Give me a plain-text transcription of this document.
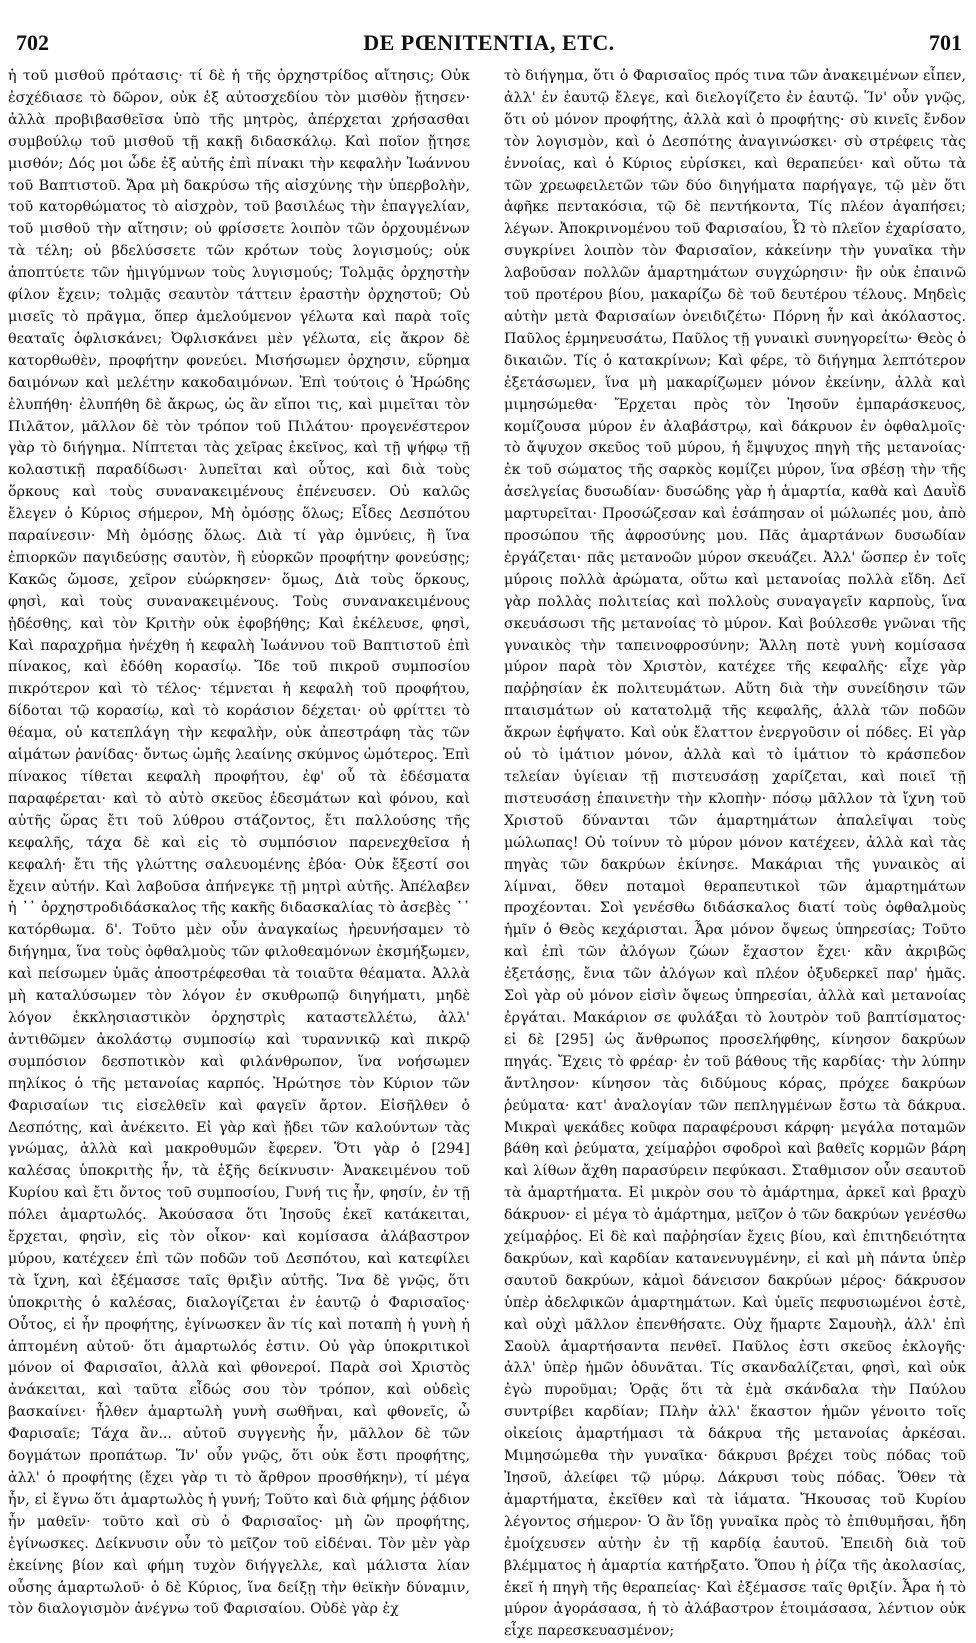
702	DE PŒNITENTIA, ETC.	701

ἡ τοῦ μισθοῦ πρότασις· τί δὲ ἡ τῆς ὀρχηστρίδος αἴτησις; Οὐκ ἐσχέδιασε τὸ δῶρον, οὐκ ἐξ αὐτοσχεδίου τὸν μισθὸν ᾔτησεν· ἀλλὰ προβιβασθεῖσα ὑπὸ τῆς μητρὸς, ἀπέρχεται χρήσασθαι συμβούλῳ τοῦ μισθοῦ τῇ κακῇ διδασκάλῳ. Καὶ ποῖον ᾔτησε μισθόν; Δός μοι ὧδε ἐξ αὐτῆς ἐπὶ πίνακι τὴν κεφαλὴν Ἰωάννου τοῦ Βαπτιστοῦ. Ἄρα μὴ δακρύσω τῆς αἰσχύνης τὴν ὑπερβολὴν, τοῦ κατορθώματος τὸ αἰσχρὸν, τοῦ βασιλέως τὴν ἐπαγγελίαν, τοῦ μισθοῦ τὴν αἴτησιν; οὐ φρίσσετε λοιπὸν τῶν ὀρχουμένων τὰ τέλη; οὐ βδελύσσετε τῶν κρότων τοὺς λογισμούς; οὐκ ἀποπτύετε τῶν ἡμιγύμνων τοὺς λυγισμούς; Τολμᾷς ὀρχηστὴν φίλον ἔχειν; τολμᾷς σεαυτὸν τάττειν ἐραστὴν ὀρχηστοῦ; Οὐ μισεῖς τὸ πρᾶγμα, ὅπερ ἀμελούμενον γέλωτα καὶ παρὰ τοῖς θεαταῖς ὀφλισκάνει; Ὀφλισκάνει μὲν γέλωτα, εἰς ἄκρον δὲ κατορθωθὲν, προφήτην φονεύει. Μισήσωμεν ὀρχησιν, εὕρημα δαιμόνων καὶ μελέτην κακοδαιμόνων. Ἐπὶ τούτοις ὁ Ἡρώδης ἐλυπήθη· ἐλυπήθη δὲ ἄκρως, ὡς ἂν εἴποι τις, καὶ μιμεῖται τὸν Πιλᾶτον, μᾶλλον δὲ τὸν τρόπον τοῦ Πιλάτου· προγενέστερον γὰρ τὸ διήγημα. Νίπτεται τὰς χεῖρας ἐκεῖνος, καὶ τῇ ψήφῳ τῇ κολαστικῇ παραδίδωσι· λυπεῖται καὶ οὗτος, καὶ διὰ τοὺς ὅρκους καὶ τοὺς συνανακειμένους ἐπένευσεν. Οὐ καλῶς ἔλεγεν ὁ Κύριος σήμερον, Μὴ ὀμόσῃς ὅλως; Εἶδες Δεσπότου παραίνεσιν· Μὴ ὀμόσῃς ὅλως. Διὰ τί γὰρ ὀμνύεις, ἢ ἵνα ἐπιορκῶν παγιδεύσῃς σαυτὸν, ἢ εὐορκῶν προφήτην φονεύσῃς; Κακῶς ὤμοσε, χεῖρον εὐώρκησεν· ὅμως, Διὰ τοὺς ὅρκους, φησὶ, καὶ τοὺς συνανακειμένους. Τοὺς συνανακειμένους ᾐδέσθης, καὶ τὸν Κριτὴν οὐκ ἐφοβήθης; Καὶ ἐκέλευσε, φησὶ, Καὶ παραχρῆμα ἠνέχθη ἡ κεφαλὴ Ἰωάννου τοῦ Βαπτιστοῦ ἐπὶ πίνακος, καὶ ἐδόθη κορασίῳ. Ἴδε τοῦ πικροῦ συμποσίου πικρότερον καὶ τὸ τέλος· τέμνεται ἡ κεφαλὴ τοῦ προφήτου, δίδοται τῷ κορασίῳ, καὶ τὸ κοράσιον δέχεται· οὐ φρίττει τὸ θέαμα, οὐ κατεπλάγη τὴν κεφαλὴν, οὐκ ἀπεστράφη τὰς τῶν αἱμάτων ῥανίδας· ὄντως ὠμῆς λεαίνης σκύμνος ὠμότερος. Ἐπὶ πίνακος τίθεται κεφαλὴ προφήτου, ἐφ' οὗ τὰ ἐδέσματα παραφέρεται· καὶ τὸ αὐτὸ σκεῦος ἐδεσμάτων καὶ φόνου, καὶ αὐτῆς ὥρας ἔτι τοῦ λύθρου στάζοντος, ἔτι παλλούσης τῆς κεφαλῆς, τάχα δὲ καὶ εἰς τὸ συμπόσιον παρενεχθεῖσα ἡ κεφαλή· ἔτι τῆς γλώττης σαλευομένης ἐβόα· Οὐκ ἔξεστί σοι ἔχειν αὐτήν. Καὶ λαβοῦσα ἀπήνεγκε τῇ μητρὶ αὐτῆς. Ἀπέλαβεν ἡ ᾽᾽ ὀρχηστροδιδάσκαλος τῆς κακῆς διδασκαλίας τὸ ἀσεβὲς ᾽᾽ κατόρθωμα. δ'. Τοῦτο μὲν οὖν ἀναγκαίως ἠρευνήσαμεν τὸ διήγημα, ἵνα τοὺς ὀφθαλμοὺς τῶν φιλοθεαμόνων ἐκσμήξωμεν, καὶ πείσωμεν ὑμᾶς ἀποστρέφεσθαι τὰ τοιαῦτα θέαματα. Ἀλλὰ μὴ καταλύσωμεν τὸν λόγον ἐν σκυθρωπῷ διηγήματι, μηδὲ λόγον ἐκκλησιαστικὸν ὀρχηστρὶς καταστελλέτω, ἀλλ' ἀντιθῶμεν ἀκολάστῳ συμποσίῳ καὶ τυραννικῷ καὶ πικρῷ συμπόσιον δεσποτικὸν καὶ φιλάνθρωπον, ἵνα νοήσωμεν πηλίκος ὁ τῆς μετανοίας καρπός. Ἠρώτησε τὸν Κύριον τῶν Φαρισαίων τις εἰσελθεῖν καὶ φαγεῖν ἄρτον. Εἰσῆλθεν ὁ Δεσπότης, καὶ ἀνέκειτο. Εἰ γὰρ καὶ ᾔδει τῶν καλούντων τὰς γνώμας, ἀλλὰ καὶ μακροθυμῶν ἔφερεν. Ὅτι γὰρ ὁ [294] καλέσας ὑποκριτὴς ἦν, τὰ ἑξῆς δείκνυσιν· Ἀνακειμένου τοῦ Κυρίου καὶ ἔτι ὄντος τοῦ συμποσίου, Γυνή τις ἦν, φησίν, ἐν τῇ πόλει ἁμαρτωλός. Ἀκούσασα ὅτι Ἰησοῦς ἐκεῖ κατάκειται, ἔρχεται, φησὶν, εἰς τὸν οἶκον· καὶ κομίσασα ἀλάβαστρον μύρου, κατέχεεν ἐπὶ τῶν ποδῶν τοῦ Δεσπότου, καὶ κατεφίλει τὰ ἴχνη, καὶ ἐξέμασσε ταῖς θριξὶν αὐτῆς. Ἵνα δὲ γνῷς, ὅτι ὑποκριτὴς ὁ καλέσας, διαλογίζεται ἐν ἑαυτῷ ὁ Φαρισαῖος· Οὗτος, εἰ ἦν προφήτης, ἐγίνωσκεν ἂν τίς καὶ ποταπὴ ἡ γυνὴ ἡ ἁπτομένη αὐτοῦ· ὅτι ἁμαρτωλός ἐστιν. Οὐ γὰρ ὑποκριτικοὶ μόνον οἱ Φαρισαῖοι, ἀλλὰ καὶ φθονεροί. Παρὰ σοὶ Χριστὸς ἀνάκειται, καὶ ταῦτα εἶδώς σου τὸν τρόπον, καὶ οὐδεὶς βασκαίνει· ἦλθεν ἁμαρτωλὴ γυνὴ σωθῆναι, καὶ φθονεῖς, ὦ Φαρισαῖε; Τάχα ἂν... αὐτοῦ συγγενὴς ἦν, μᾶλλον δὲ τῶν δογμάτων προπάτωρ. Ἵν' οὖν γνῷς, ὅτι οὐκ ἔστι προφήτης, ἀλλ' ὁ προφήτης (ἔχει γὰρ τι τὸ ἄρθρον προσθήκην), τί μέγα ἦν, εἰ ἔγνω ὅτι ἁμαρτωλὸς ἡ γυνή; Τοῦτο καὶ διὰ φήμης ῥᾴδιον ἦν μαθεῖν· τοῦτο καὶ σὺ ὁ Φαρισαῖος· μὴ ὢν προφήτης, ἐγίνωσκες. Δείκνυσιν οὖν τὸ μεῖζον τοῦ εἰδέναι. Τὸν μὲν γὰρ ἐκείνης βίον καὶ φήμη τυχὸν διήγγελλε, καὶ μάλιστα λίαν οὖσης ἁμαρτωλοῦ· ὁ δὲ Κύριος, ἵνα δείξῃ τὴν θεϊκὴν δύναμιν, τὸν διαλογισμὸν ἀνέγνω τοῦ Φαρισαίου. Οὐδὲ γὰρ ἐχ

τὸ διήγημα, ὅτι ὁ Φαρισαῖος πρός τινα τῶν ἀνακειμένων εἶπεν, ἀλλ' ἐν ἑαυτῷ ἔλεγε, καὶ διελογίζετο ἐν ἑαυτῷ. Ἵν' οὖν γνῷς, ὅτι οὐ μόνον προφήτης, ἀλλὰ καὶ ὁ προφήτης· σὺ κινεῖς ἔνδον τὸν λογισμὸν, καὶ ὁ Δεσπότης ἀναγινώσκει· σὺ στρέφεις τὰς ἐννοίας, καὶ ὁ Κύριος εὑρίσκει, καὶ θεραπεύει· καὶ οὕτω τὰ τῶν χρεωφειλετῶν τῶν δύο διηγήματα παρήγαγε, τῷ μὲν ὅτι ἀφῆκε πεντακόσια, τῷ δὲ πεντήκοντα, Τίς πλέον ἀγαπήσει; λέγων. Ἀποκρινομένου τοῦ Φαρισαίου, Ὦ τὸ πλεῖον ἐχαρίσατο, συγκρίνει λοιπὸν τὸν Φαρισαῖον, κἀκείνην τὴν γυναῖκα τὴν λαβοῦσαν πολλῶν ἁμαρτημάτων συγχώρησιν· ἣν οὐκ ἐπαινῶ τοῦ προτέρου βίου, μακαρίζω δὲ τοῦ δευτέρου τέλους. Μηδεὶς αὐτὴν μετὰ Φαρισαίων ὀνειδιζέτω· Πόρνη ἦν καὶ ἀκόλαστος. Παῦλος ἑρμηνευσάτω, Παῦλος τῇ γυναικὶ συνηγορείτω· Θεὸς ὁ δικαιῶν. Τίς ὁ κατακρίνων; Καὶ φέρε, τὸ διήγημα λεπτότερον ἐξετάσωμεν, ἵνα μὴ μακαρίζωμεν μόνον ἐκείνην, ἀλλὰ καὶ μιμησώμεθα· Ἔρχεται πρὸς τὸν Ἰησοῦν ἐμπαράσκευος, κομίζουσα μύρον ἐν ἀλαβάστρῳ, καὶ δάκρυον ἐν ὀφθαλμοῖς· τὸ ἄψυχον σκεῦος τοῦ μύρου, ἡ ἔμψυχος πηγὴ τῆς μετανοίας· ἐκ τοῦ σώματος τῆς σαρκὸς κομίζει μύρον, ἵνα σβέσῃ τὴν τῆς ἀσελγείας δυσωδίαν· δυσώδης γὰρ ἡ ἁμαρτία, καθὰ καὶ Δαυῒδ μαρτυρεῖται· Προσώζεσαν καὶ ἐσάπησαν οἱ μώλωπές μου, ἀπὸ προσώπου τῆς ἀφροσύνης μου. Πᾶς ἁμαρτάνων δυσωδίαν ἐργάζεται· πᾶς μετανοῶν μύρον σκευάζει. Ἀλλ' ὥσπερ ἐν τοῖς μύροις πολλὰ ἀρώματα, οὕτω καὶ μετανοίας πολλὰ εἴδη. Δεῖ γὰρ πολλὰς πολιτείας καὶ πολλοὺς συναγαγεῖν καρποὺς, ἵνα σκευάσωσι τῆς μετανοίας τὸ μύρον. Καὶ βούλεσθε γνῶναι τῆς γυναικὸς τὴν ταπεινοφροσύνην; Ἄλλη ποτὲ γυνὴ κομίσασα μύρον παρὰ τὸν Χριστὸν, κατέχεε τῆς κεφαλῆς· εἶχε γὰρ παῤῥησίαν ἐκ πολιτευμάτων. Αὕτη διὰ τὴν συνείδησιν τῶν πταισμάτων οὐ κατατολμᾷ τῆς κεφαλῆς, ἀλλὰ τῶν ποδῶν ἄκρων ἐφήψατο. Καὶ οὐκ ἔλαττον ἐνεργοῦσιν οἱ πόδες. Εἰ γὰρ οὐ τὸ ἱμάτιον μόνον, ἀλλὰ καὶ τὸ ἱμάτιον τὸ κράσπεδον τελείαν ὑγίειαν τῇ πιστευσάσῃ χαρίζεται, καὶ ποιεῖ τῇ πιστευσάσῃ ἐπαινετὴν τὴν κλοπὴν· πόσῳ μᾶλλον τὰ ἴχνη τοῦ Χριστοῦ δύνανται τῶν ἁμαρτημάτων ἀπαλεῖψαι τοὺς μώλωπας! Οὐ τοίνυν τὸ μύρον μόνον κατέχεεν, ἀλλὰ καὶ τὰς πηγὰς τῶν δακρύων ἐκίνησε. Μακάριαι τῆς γυναικὸς αἱ λίμναι, ὅθεν ποταμοὶ θεραπευτικοὶ τῶν ἁμαρτημάτων προχέονται. Σοὶ γενέσθω διδάσκαλος διατί τοὺς ὀφθαλμοὺς ἡμῖν ὁ Θεὸς κεχάρισται. Ἆρα μόνον ὄψεως ὑπηρεσίας; Τοῦτο καὶ ἐπὶ τῶν ἀλόγων ζώων ἔχαστον ἔχει· κἂν ἀκριβῶς ἐξετάσῃς, ἔνια τῶν ἀλόγων καὶ πλέον ὀξυδερκεῖ παρ' ἡμᾶς. Σοὶ γὰρ οὐ μόνον εἰσὶν ὄψεως ὑπηρεσίαι, ἀλλὰ καὶ μετανοίας ἐργάται. Μακάριον σε φυλάξαι τὸ λουτρὸν τοῦ βαπτίσματος· εἰ δὲ [295] ὡς ἄνθρωπος προσελήφθης, κίνησον δακρύων πηγάς. Ἔχεις τὸ φρέαρ· ἐν τοῦ βάθους τῆς καρδίας· τὴν λύπην ἄντλησον· κίνησον τὰς διδύμους κόρας, πρόχεε δακρύων ῥεύματα· κατ' ἀναλογίαν τῶν πεπληγμένων ἔστω τὰ δάκρυα. Μικραὶ ψεκάδες κοῦφα παραφέρουσι κάρφη· μεγάλα ποταμῶν βάθη καὶ ῥεύματα, χείμαῤῥοι σφοδροὶ καὶ βαθεῖς κορμῶν βάρη καὶ λίθων ἄχθη παρασύρειν πεφύκασι. Σταθμισον οὖν σεαυτοῦ τὰ ἁμαρτήματα. Εἰ μικρὸν σου τὸ ἁμάρτημα, ἀρκεῖ καὶ βραχὺ δάκρυον· εἰ μέγα τὸ ἁμάρτημα, μεῖζον ὁ τῶν δακρύων γενέσθω χείμαῤῥος. Εἰ δὲ καὶ παῤῥησίαν ἔχεις βίου, καὶ ἐπιτηδειότητα δακρύων, καὶ καρδίαν κατανενυγμένην, εἰ καὶ μὴ πάντα ὑπὲρ σαυτοῦ δακρύων, κἀμοὶ δάνεισον δακρύων μέρος· δάκρυσον ὑπὲρ ἀδελφικῶν ἁμαρτημάτων. Καὶ ὑμεῖς πεφυσιωμένοι ἐστὲ, καὶ οὐχὶ μᾶλλον ἐπενθήσατε. Οὐχ ἥμαρτε Σαμουὴλ, ἀλλ' ἐπὶ Σαοὺλ ἁμαρτήσαντα πενθεῖ. Παῦλος ἐστι σκεῦος ἐκλογῆς· ἀλλ' ὑπὲρ ἡμῶν ὀδυνᾶται. Τίς σκανδαλίζεται, φησὶ, καὶ οὐκ ἐγὼ πυροῦμαι; Ὁρᾷς ὅτι τὰ ἐμὰ σκάνδαλα τὴν Παύλου συντρίβει καρδίαν; Πλὴν ἀλλ' ἕκαστον ἡμῶν γένοιτο τοῖς οἰκείοις ἁμαρτήμασι τὰ δάκρυα τῆς μετανοίας ἀρκέσαι. Μιμησώμεθα τὴν γυναῖκα· δάκρυσι βρέχει τοὺς πόδας τοῦ Ἰησοῦ, ἀλείφει τῷ μύρῳ. Δάκρυσι τοὺς πόδας. Ὅθεν τὰ ἁμαρτήματα, ἐκεῖθεν καὶ τὰ ἰάματα. Ἤκουσας τοῦ Κυρίου λέγοντος σήμερον· Ὁ ἂν ἴδῃ γυναῖκα πρὸς τὸ ἐπιθυμῆσαι, ἤδη ἐμοίχευσεν αὐτὴν ἐν τῇ καρδίᾳ ἑαυτοῦ. Ἐπειδὴ διὰ τοῦ βλέμματος ἡ ἁμαρτία κατήρξατο. Ὅπου ἡ ῥίζα τῆς ἀκολασίας, ἐκεῖ ἡ πηγὴ τῆς θεραπείας· Καὶ ἐξέμασσε ταῖς θριξίν. Ἆρα ἡ τὸ μύρον ἀγοράσασα, ἡ τὸ ἀλάβαστρον ἑτοιμάσασα, λέντιον οὐκ εἶχε παρεσκευασμένον;
